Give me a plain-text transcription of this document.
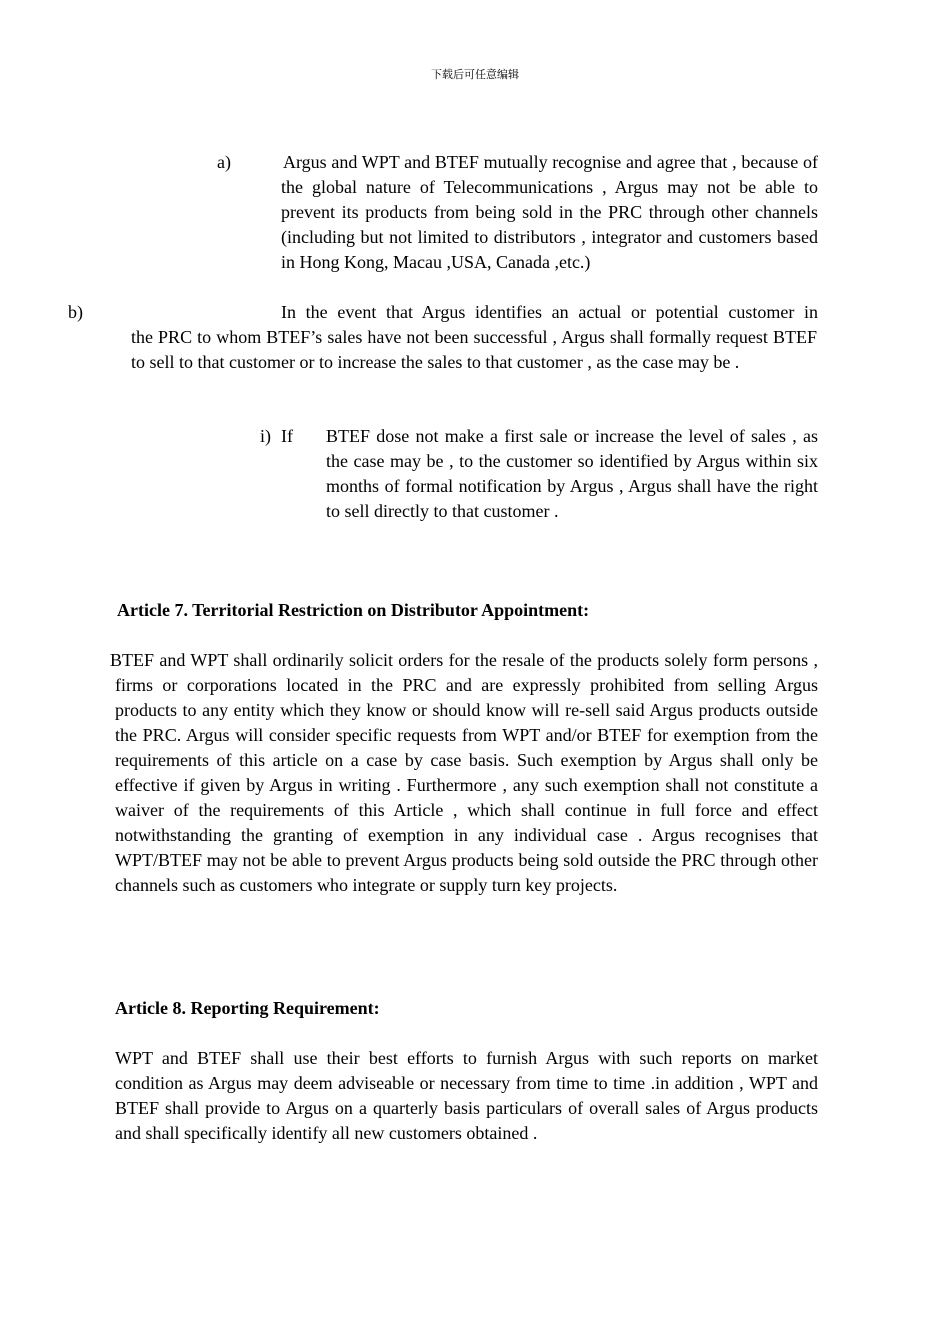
下载后可任意编辑
a)	Argus and WPT and BTEF mutually recognise and agree that , because of the global nature of Telecommunications , Argus may not be able to prevent its products from being sold in the PRC through other channels (including but not limited to distributors , integrator and customers based in Hong Kong, Macau ,USA, Canada ,etc.)

b)	In the event that Argus identifies an actual or potential customer in

the PRC to whom BTEF’s sales have not been successful , Argus shall formally request BTEF to sell to that customer or to increase the sales to that customer , as the case may be .

i) If BTEF dose not make a first sale or increase the level of sales , as the case may be , to the customer so identified by Argus within six months of formal notification by Argus , Argus shall have the right to sell directly to that customer .

Article 7. Territorial Restriction on Distributor Appointment:

BTEF and WPT shall ordinarily solicit orders for the resale of the products solely form persons , firms or corporations located in the PRC and are expressly prohibited from selling Argus products to any entity which they know or should know will re-sell said Argus products outside the PRC. Argus will consider specific requests from WPT and/or BTEF for exemption from the requirements of this article on a case by case basis. Such exemption by Argus shall only be effective if given by Argus in writing . Furthermore , any such exemption shall not constitute a waiver of the requirements of this Article , which shall continue in full force and effect notwithstanding the granting of exemption in any individual case . Argus recognises that WPT/BTEF may not be able to prevent Argus products being sold outside the PRC through other channels such as customers who integrate or supply turn key projects.

Article 8. Reporting Requirement:

WPT and BTEF shall use their best efforts to furnish Argus with such reports on market condition as Argus may deem adviseable or necessary from time to time .in addition , WPT and BTEF shall provide to Argus on a quarterly basis particulars of overall sales of Argus products and shall specifically identify all new customers obtained .
